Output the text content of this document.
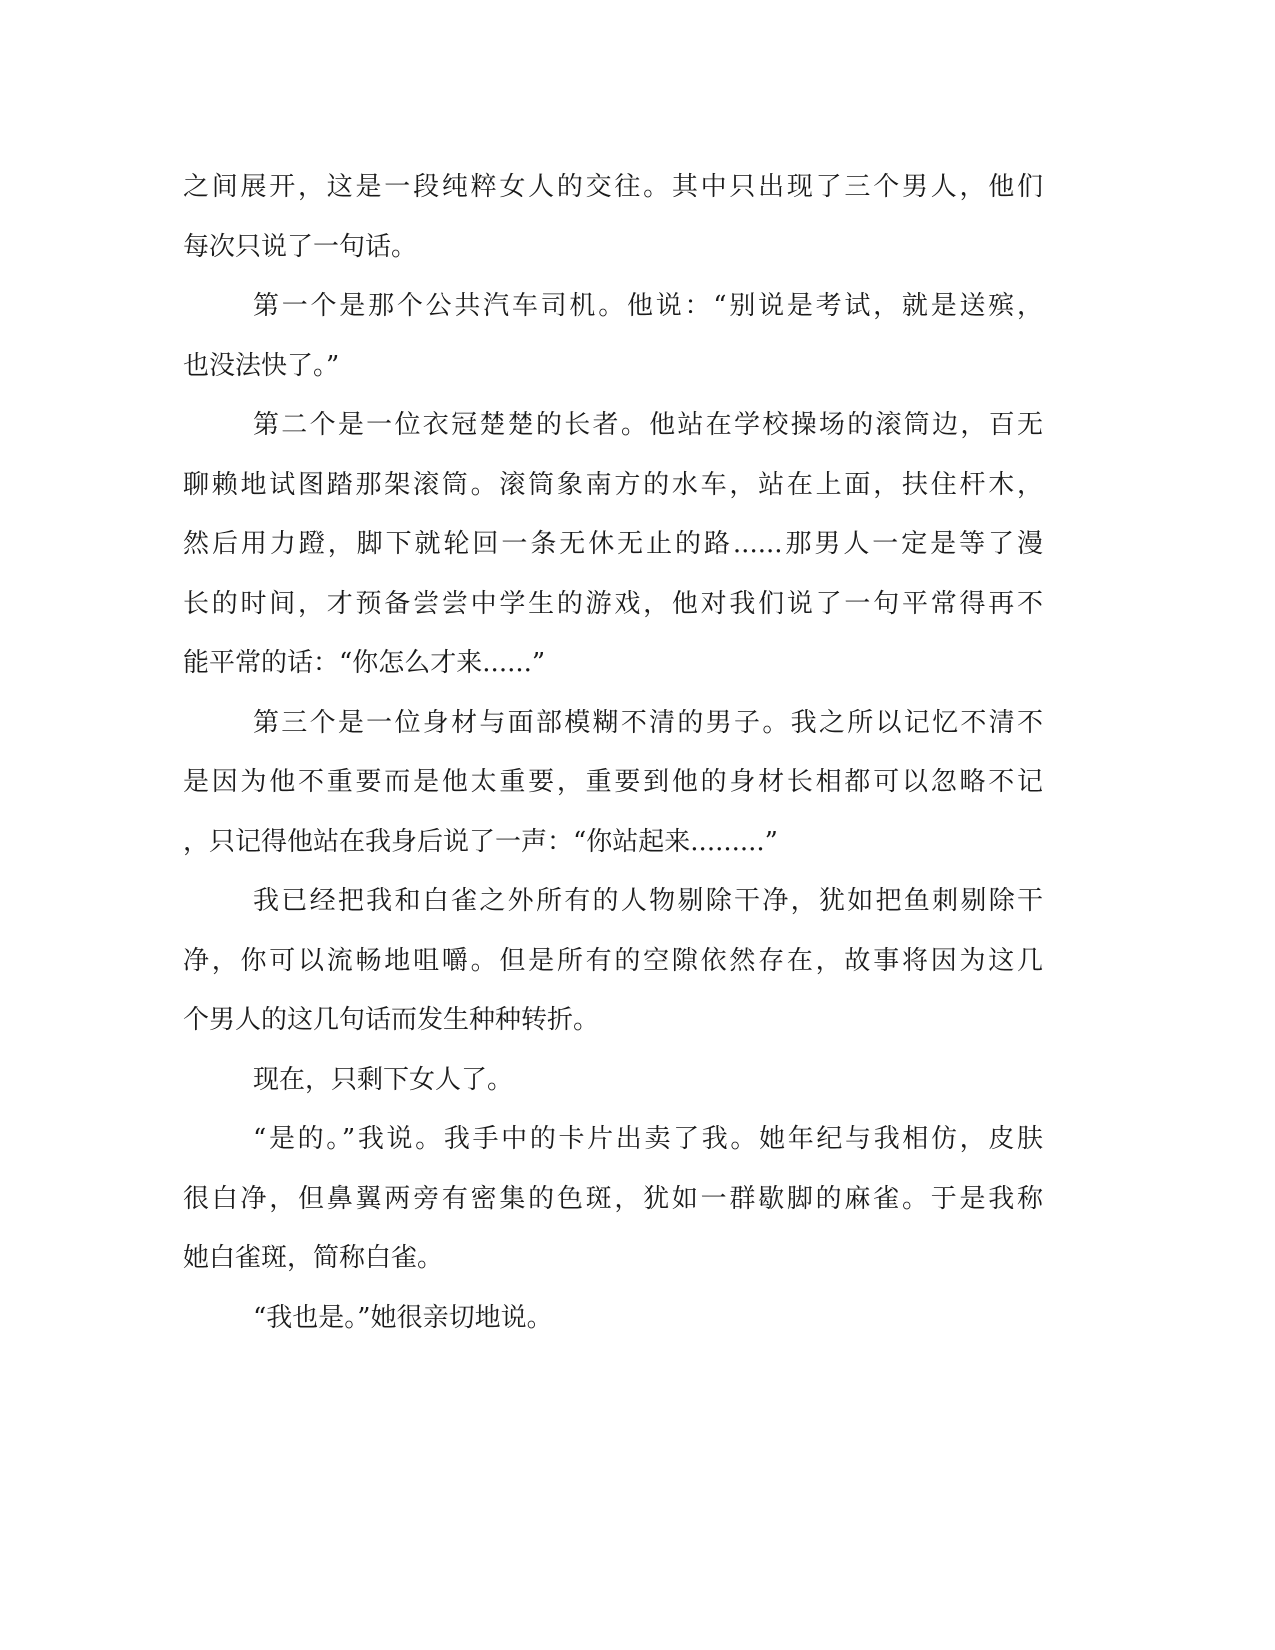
之间展开，这是一段纯粹女人的交往。其中只出现了三个男人，他们
每次只说了一句话。
第一个是那个公共汽车司机。他说：“别说是考试，就是送殡，
也没法快了。”
第二个是一位衣冠楚楚的长者。他站在学校操场的滚筒边，百无
聊赖地试图踏那架滚筒。滚筒象南方的水车，站在上面，扶住杆木，
然后用力蹬，脚下就轮回一条无休无止的路......那男人一定是等了漫
长的时间，才预备尝尝中学生的游戏，他对我们说了一句平常得再不
能平常的话：“你怎么才来......”
第三个是一位身材与面部模糊不清的男子。我之所以记忆不清不
是因为他不重要而是他太重要，重要到他的身材长相都可以忽略不记
，只记得他站在我身后说了一声：“你站起来.........”
我已经把我和白雀之外所有的人物剔除干净，犹如把鱼刺剔除干
净，你可以流畅地咀嚼。但是所有的空隙依然存在，故事将因为这几
个男人的这几句话而发生种种转折。
现在，只剩下女人了。
“是的。”我说。我手中的卡片出卖了我。她年纪与我相仿，皮肤
很白净，但鼻翼两旁有密集的色斑，犹如一群歇脚的麻雀。于是我称
她白雀斑，简称白雀。
“我也是。”她很亲切地说。
